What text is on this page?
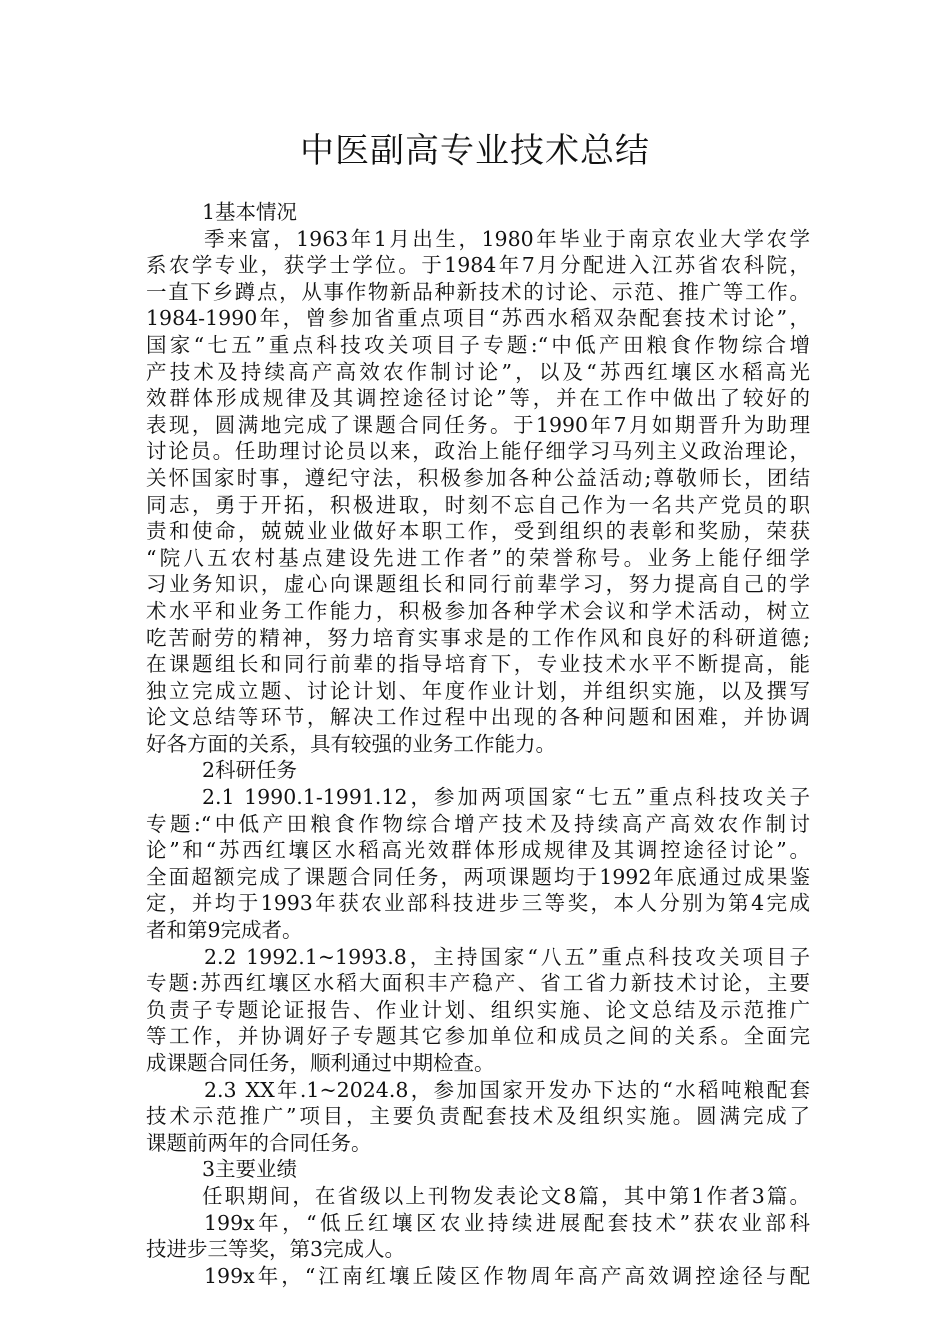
中医副高专业技术总结
1基本情况
季来富，1963年1月出生，1980年毕业于南京农业大学农学
系农学专业，获学士学位。于1984年7月分配进入江苏省农科院，
一直下乡蹲点，从事作物新品种新技术的讨论、示范、推广等工作。
1984-1990年，曾参加省重点项目“苏西水稻双杂配套技术讨论”，
国家“七五”重点科技攻关项目子专题:“中低产田粮食作物综合增
产技术及持续高产高效农作制讨论”，以及“苏西红壤区水稻高光
效群体形成规律及其调控途径讨论”等，并在工作中做出了较好的
表现，圆满地完成了课题合同任务。于1990年7月如期晋升为助理
讨论员。任助理讨论员以来，政治上能仔细学习马列主义政治理论，
关怀国家时事，遵纪守法，积极参加各种公益活动;尊敬师长，团结
同志，勇于开拓，积极进取，时刻不忘自己作为一名共产党员的职
责和使命，兢兢业业做好本职工作，受到组织的表彰和奖励，荣获
“院八五农村基点建设先进工作者”的荣誉称号。业务上能仔细学
习业务知识，虚心向课题组长和同行前辈学习，努力提高自己的学
术水平和业务工作能力，积极参加各种学术会议和学术活动，树立
吃苦耐劳的精神，努力培育实事求是的工作作风和良好的科研道德;
在课题组长和同行前辈的指导培育下，专业技术水平不断提高，能
独立完成立题、讨论计划、年度作业计划，并组织实施，以及撰写
论文总结等环节，解决工作过程中出现的各种问题和困难，并协调
好各方面的关系，具有较强的业务工作能力。
2科研任务
2.1 1990.1-1991.12，参加两项国家“七五”重点科技攻关子
专题:“中低产田粮食作物综合增产技术及持续高产高效农作制讨
论”和“苏西红壤区水稻高光效群体形成规律及其调控途径讨论”。
全面超额完成了课题合同任务，两项课题均于1992年底通过成果鉴
定，并均于1993年获农业部科技进步三等奖，本人分别为第4完成
者和第9完成者。
2.2 1992.1~1993.8，主持国家“八五”重点科技攻关项目子
专题:苏西红壤区水稻大面积丰产稳产、省工省力新技术讨论，主要
负责子专题论证报告、作业计划、组织实施、论文总结及示范推广
等工作，并协调好子专题其它参加单位和成员之间的关系。全面完
成课题合同任务，顺利通过中期检查。
2.3 XX年.1~2024.8，参加国家开发办下达的“水稻吨粮配套
技术示范推广”项目，主要负责配套技术及组织实施。圆满完成了
课题前两年的合同任务。
3主要业绩
任职期间，在省级以上刊物发表论文8篇，其中第1作者3篇。
199x年，“低丘红壤区农业持续进展配套技术”获农业部科
技进步三等奖，第3完成人。
199x年，“江南红壤丘陵区作物周年高产高效调控途径与配
